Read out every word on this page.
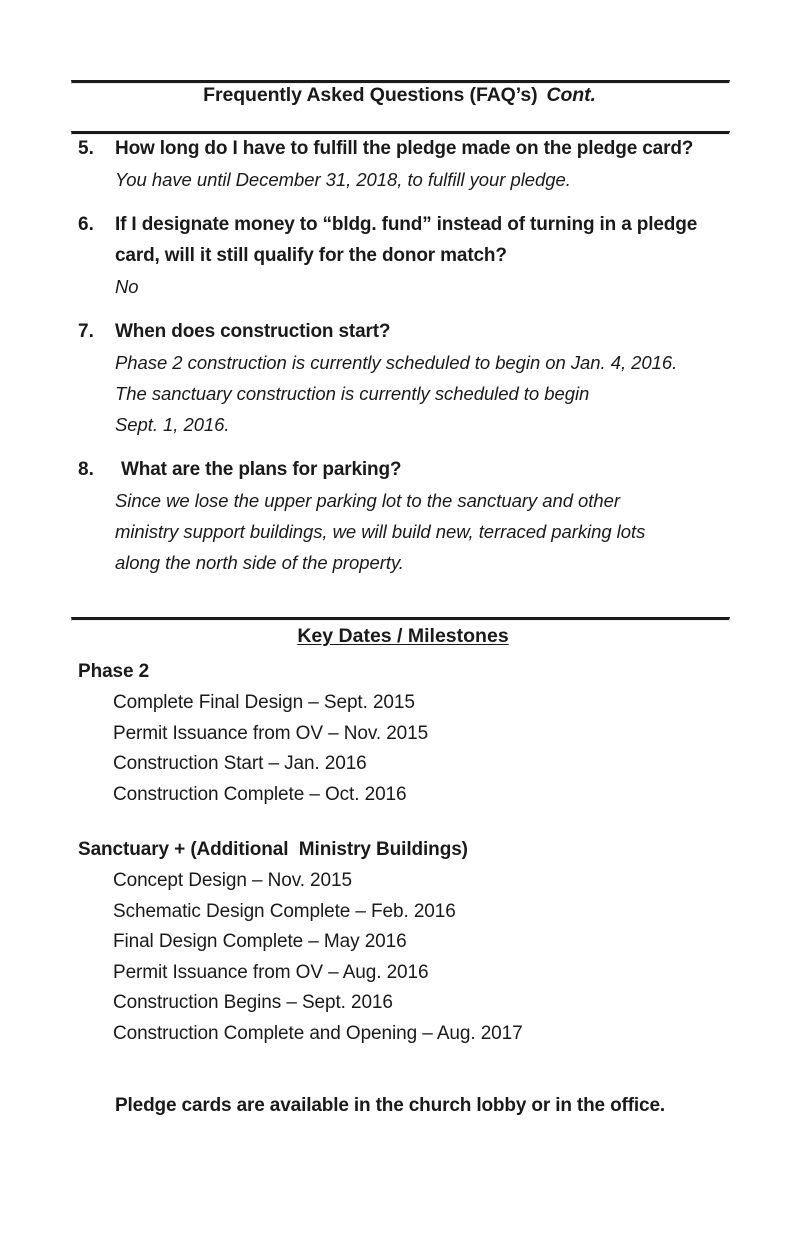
Frequently Asked Questions (FAQ’s) Cont.
5.	How long do I have to fulfill the pledge made on the pledge card?
You have until December 31, 2018, to fulfill your pledge.
6.	If I designate money to “bldg. fund” instead of turning in a pledge
card, will it still qualify for the donor match?
No
7.	When does construction start?
Phase 2 construction is currently scheduled to begin on Jan. 4, 2016.
The sanctuary construction is currently scheduled to begin
Sept. 1, 2016.
8.	What are the plans for parking?
Since we lose the upper parking lot to the sanctuary and other
ministry support buildings, we will build new, terraced parking lots
along the north side of the property.
Key Dates / Milestones
Phase 2
Complete Final Design – Sept. 2015
Permit Issuance from OV – Nov. 2015
Construction Start – Jan. 2016
Construction Complete – Oct. 2016
Sanctuary + (Additional  Ministry Buildings)
Concept Design – Nov. 2015
Schematic Design Complete – Feb. 2016
Final Design Complete – May 2016
Permit Issuance from OV – Aug. 2016
Construction Begins – Sept. 2016
Construction Complete and Opening – Aug. 2017
Pledge cards are available in the church lobby or in the office.
